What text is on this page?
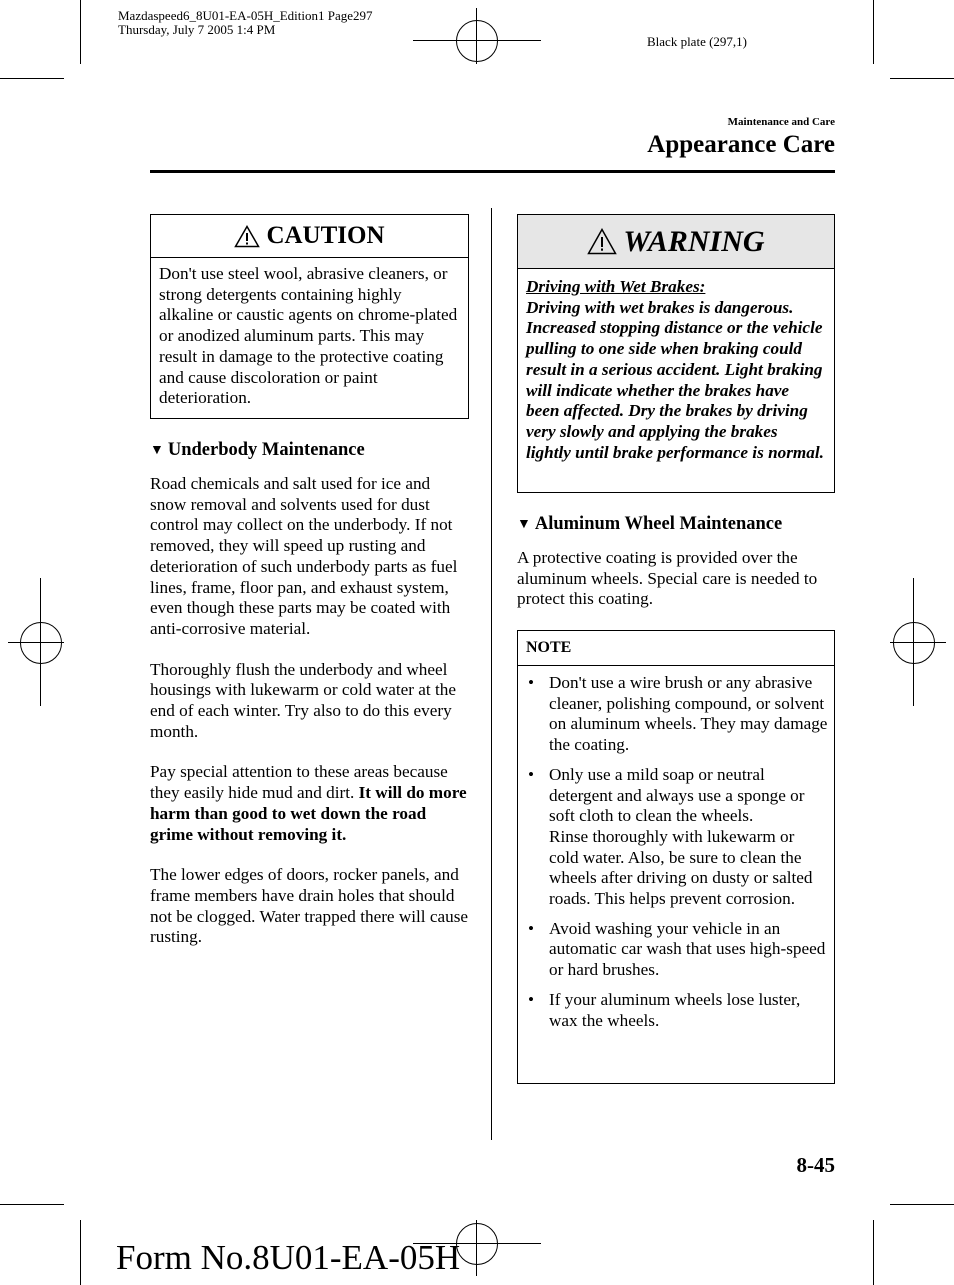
Mazdaspeed6_8U01-EA-05H_Edition1 Page297
Thursday, July 7 2005 1:4 PM
Black plate (297,1)
Maintenance and Care
Appearance Care
CAUTION
Don't use steel wool, abrasive cleaners, or strong detergents containing highly alkaline or caustic agents on chrome-plated or anodized aluminum parts. This may result in damage to the protective coating and cause discoloration or paint deterioration.
▼ Underbody Maintenance

Road chemicals and salt used for ice and snow removal and solvents used for dust control may collect on the underbody. If not removed, they will speed up rusting and deterioration of such underbody parts as fuel lines, frame, floor pan, and exhaust system, even though these parts may be coated with anti-corrosive material.

Thoroughly flush the underbody and wheel housings with lukewarm or cold water at the end of each winter. Try also to do this every month.

Pay special attention to these areas because they easily hide mud and dirt. It will do more harm than good to wet down the road grime without removing it.

The lower edges of doors, rocker panels, and frame members have drain holes that should not be clogged. Water trapped there will cause rusting.

WARNING
Driving with Wet Brakes:
Driving with wet brakes is dangerous. Increased stopping distance or the vehicle pulling to one side when braking could result in a serious accident. Light braking will indicate whether the brakes have been affected. Dry the brakes by driving very slowly and applying the brakes lightly until brake performance is normal.
▼ Aluminum Wheel Maintenance
A protective coating is provided over the aluminum wheels. Special care is needed to protect this coating.
NOTE
• Don't use a wire brush or any abrasive cleaner, polishing compound, or solvent on aluminum wheels. They may damage the coating.
• Only use a mild soap or neutral detergent and always use a sponge or soft cloth to clean the wheels.
Rinse thoroughly with lukewarm or cold water. Also, be sure to clean the wheels after driving on dusty or salted roads. This helps prevent corrosion.
• Avoid washing your vehicle in an automatic car wash that uses high-speed or hard brushes.
• If your aluminum wheels lose luster, wax the wheels.
8-45
Form No.8U01-EA-05H
